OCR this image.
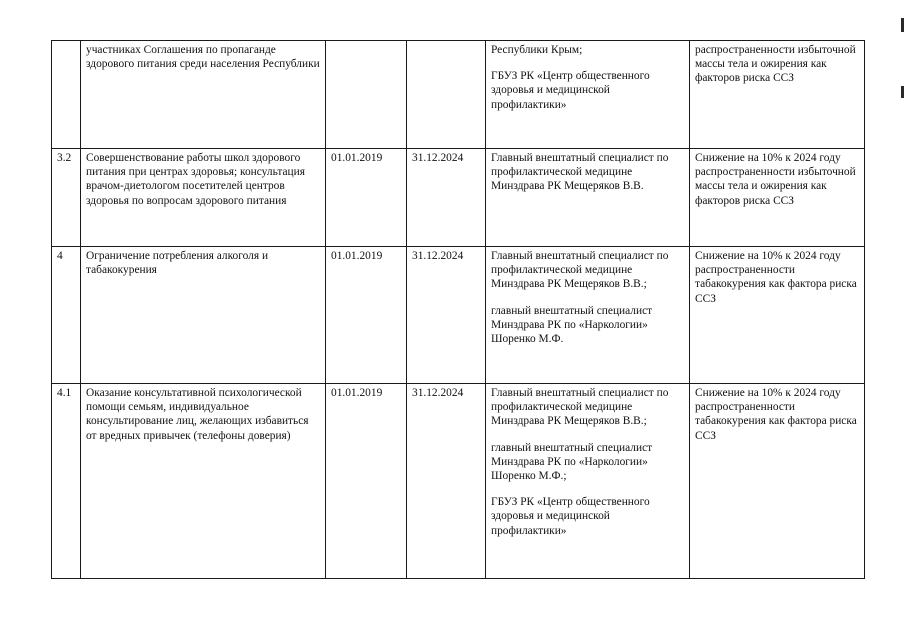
	участниках Соглашения по пропаганде здорового питания среди населения Республики			Республики Крым;
ГБУЗ РК «Центр общественного здоровья и медицинской профилактики»	распространенности избыточной массы тела и ожирения как факторов риска ССЗ
3.2	Совершенствование работы школ здорового питания при центрах здоровья; консультация врачом-диетологом посетителей центров здоровья по вопросам здорового питания	01.01.2019	31.12.2024	Главный внештатный специалист по профилактической медицине Минздрава РК Мещеряков В.В.	Снижение на 10% к 2024 году распространенности избыточной массы тела и ожирения как факторов риска ССЗ
4	Ограничение потребления алкоголя и табакокурения	01.01.2019	31.12.2024	Главный внештатный специалист по профилактической медицине Минздрава РК Мещеряков В.В.;
главный внештатный специалист Минздрава РК по «Наркологии» Шоренко М.Ф.	Снижение на 10% к 2024 году распространенности табакокурения как фактора риска ССЗ
4.1	Оказание консультативной психологической помощи семьям, индивидуальное консультирование лиц, желающих избавиться от вредных привычек (телефоны доверия)	01.01.2019	31.12.2024	Главный внештатный специалист по профилактической медицине Минздрава РК Мещеряков В.В.;
главный внештатный специалист Минздрава РК по «Наркологии» Шоренко М.Ф.;
ГБУЗ РК «Центр общественного здоровья и медицинской профилактики»	Снижение на 10% к 2024 году распространенности табакокурения как фактора риска ССЗ
